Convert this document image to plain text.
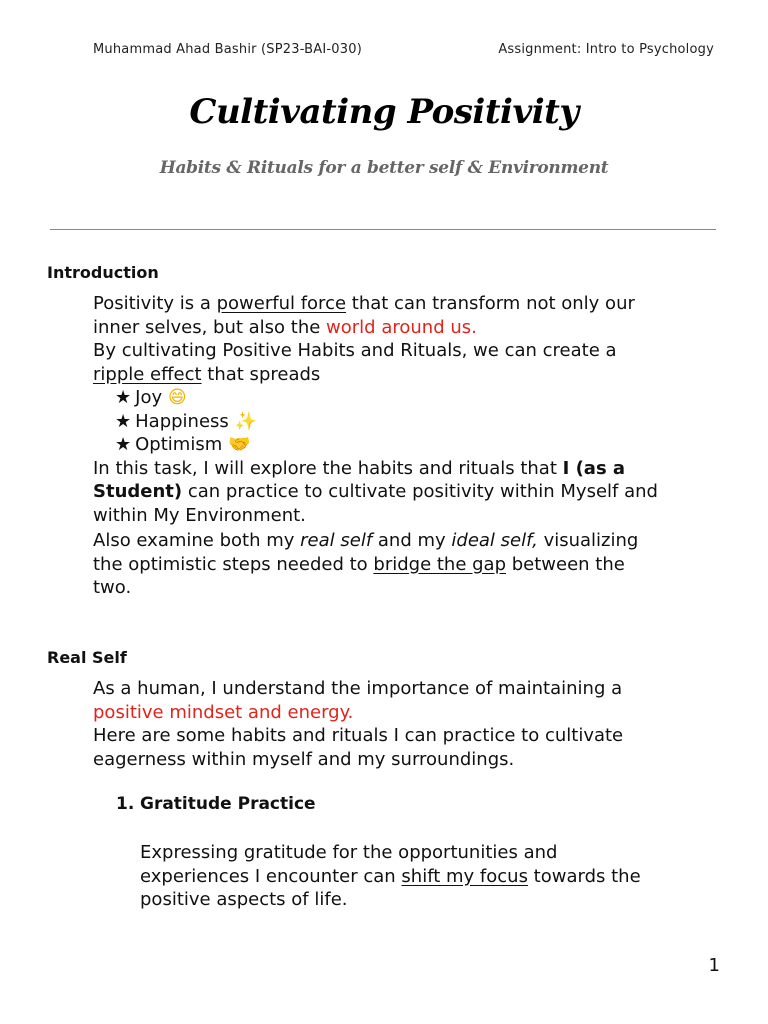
Muhammad Ahad Bashir (SP23-BAI-030)	Assignment: Intro to Psychology
Cultivating Positivity
Habits & Rituals for a better self & Environment
Introduction
Positivity is a powerful force that can transform not only our
inner selves, but also the world around us.
By cultivating Positive Habits and Rituals, we can create a
ripple effect that spreads
★ Joy 😄
★ Happiness ✨
★ Optimism 🤝
In this task, I will explore the habits and rituals that I (as a
Student) can practice to cultivate positivity within Myself and
within My Environment.
Also examine both my real self and my ideal self, visualizing
the optimistic steps needed to bridge the gap between the
two.
Real Self
As a human, I understand the importance of maintaining a
positive mindset and energy.
Here are some habits and rituals I can practice to cultivate
eagerness within myself and my surroundings.
1. Gratitude Practice
Expressing gratitude for the opportunities and
experiences I encounter can shift my focus towards the
positive aspects of life.
1
